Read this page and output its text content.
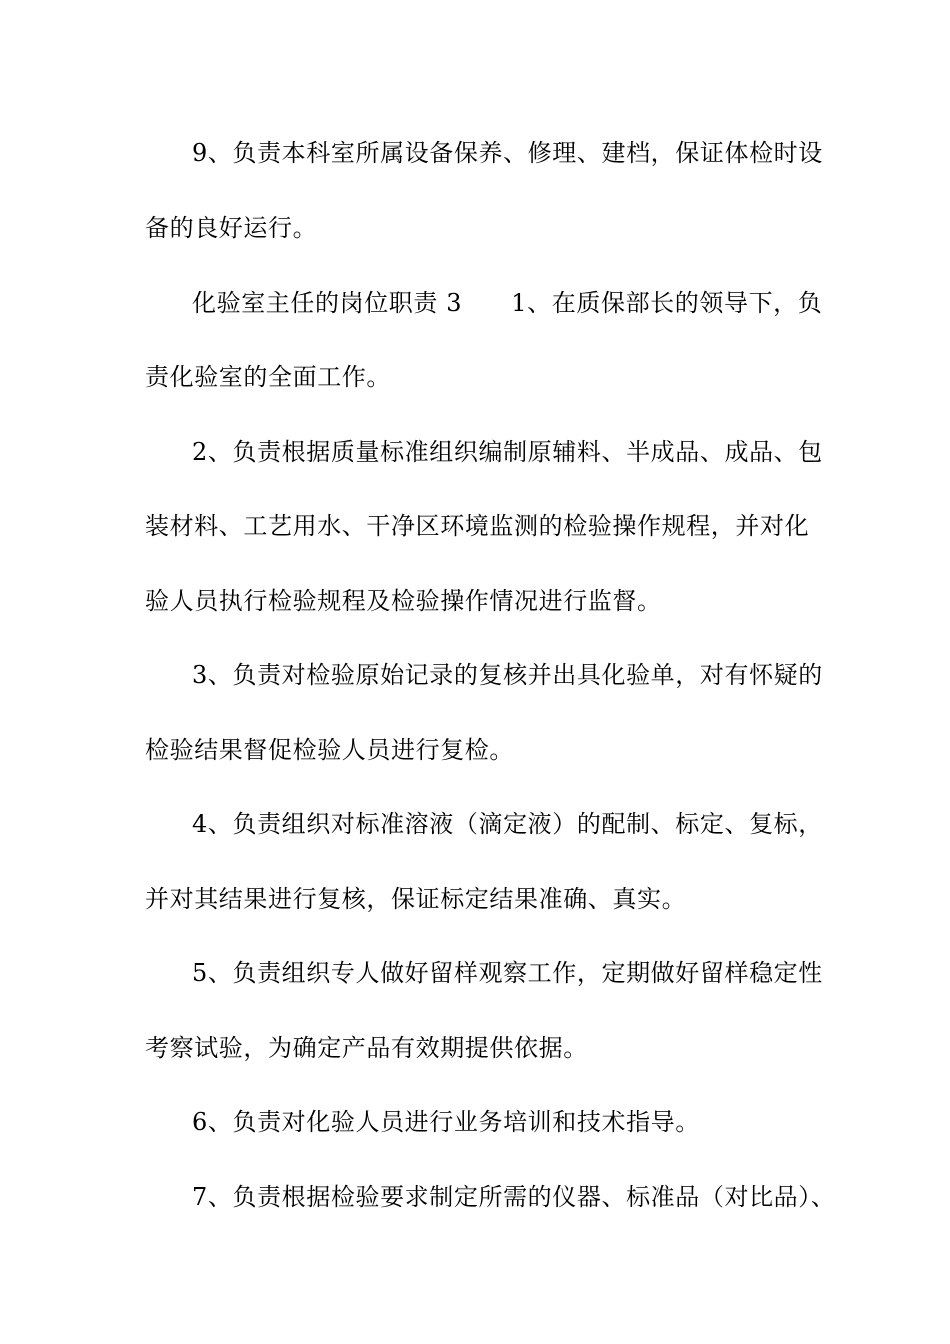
9、负责本科室所属设备保养、修理、建档，保证体检时设
备的良好运行。
化验室主任的岗位职责 3　　1、在质保部长的领导下，负
责化验室的全面工作。
2、负责根据质量标准组织编制原辅料、半成品、成品、包
装材料、工艺用水、干净区环境监测的检验操作规程，并对化
验人员执行检验规程及检验操作情况进行监督。
3、负责对检验原始记录的复核并出具化验单，对有怀疑的
检验结果督促检验人员进行复检。
4、负责组织对标准溶液（滴定液）的配制、标定、复标，
并对其结果进行复核，保证标定结果准确、真实。
5、负责组织专人做好留样观察工作，定期做好留样稳定性
考察试验，为确定产品有效期提供依据。
6、负责对化验人员进行业务培训和技术指导。
7、负责根据检验要求制定所需的仪器、标准品（对比品）、
